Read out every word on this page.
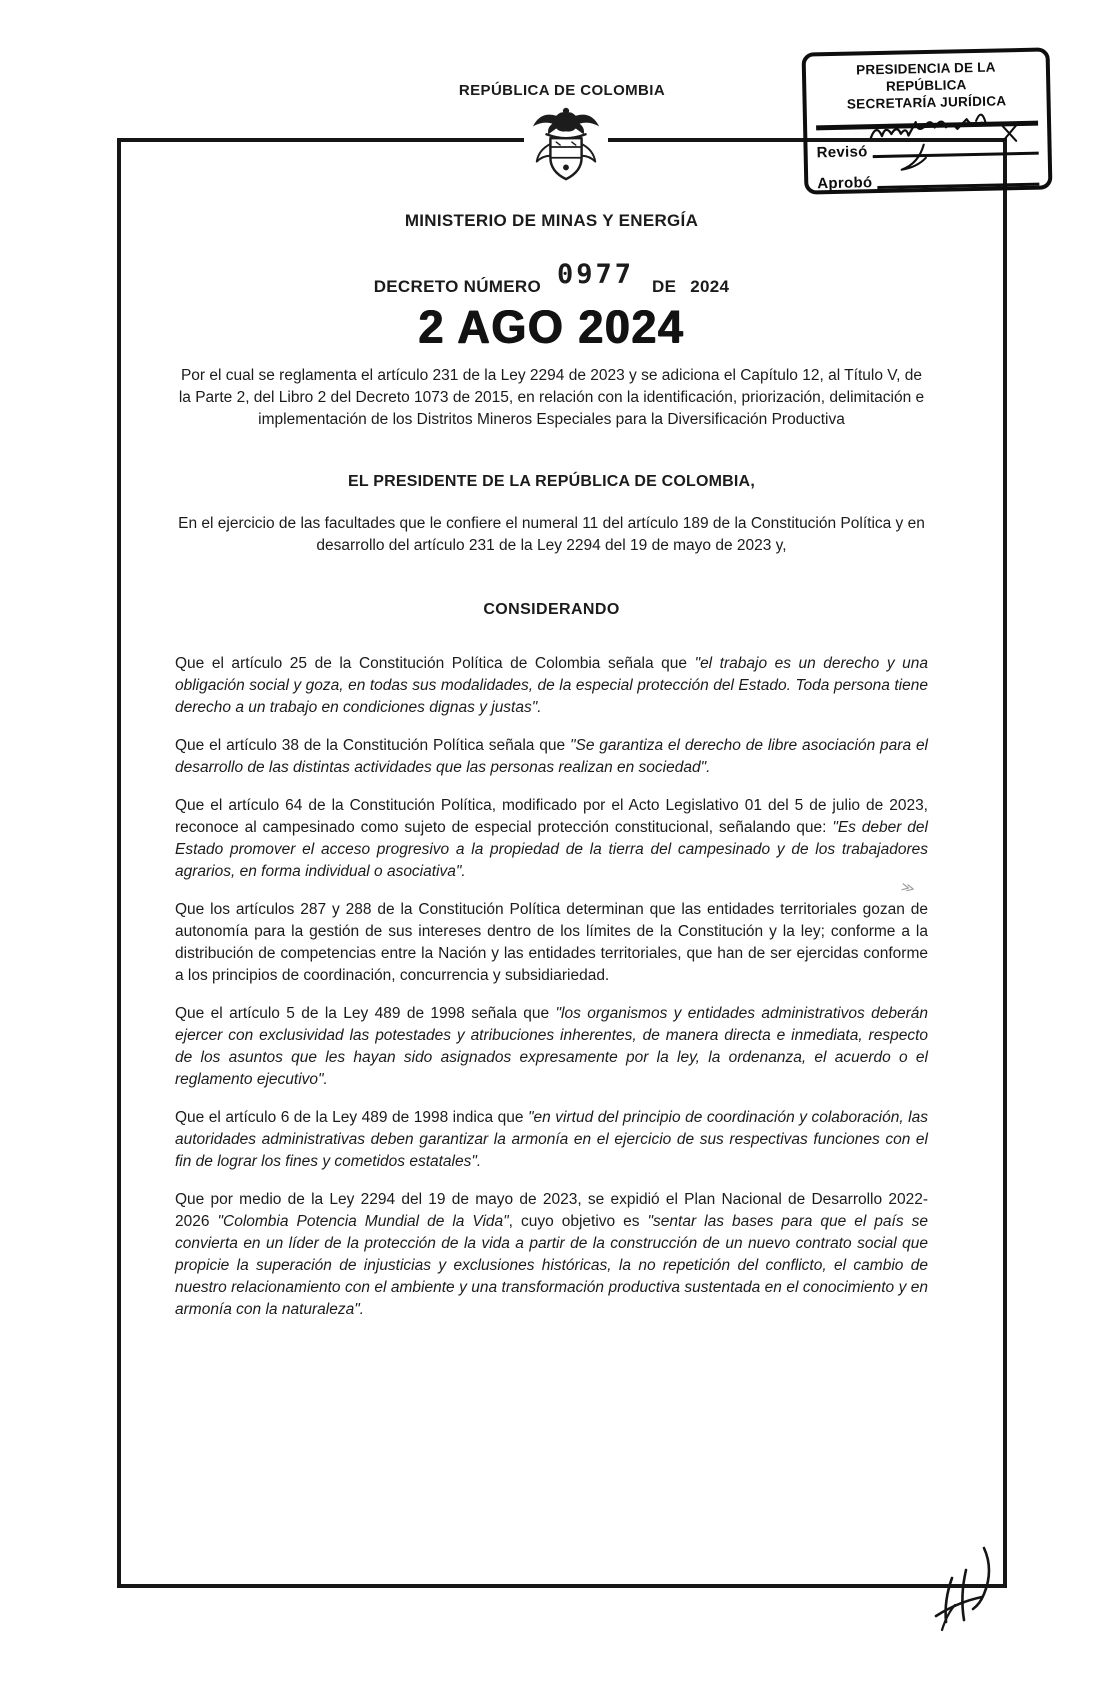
REPÚBLICA DE COLOMBIA
PRESIDENCIA DE LA REPÚBLICA
SECRETARÍA JURÍDICA
Revisó
Aprobó
MINISTERIO DE MINAS Y ENERGÍA
DECRETO NÚMERO 0977 DE 2024
2 AGO 2024
Por el cual se reglamenta el artículo 231 de la Ley 2294 de 2023 y se adiciona el Capítulo 12, al Título V, de la Parte 2, del Libro 2 del Decreto 1073 de 2015, en relación con la identificación, priorización, delimitación e implementación de los Distritos Mineros Especiales para la Diversificación Productiva
EL PRESIDENTE DE LA REPÚBLICA DE COLOMBIA,
En el ejercicio de las facultades que le confiere el numeral 11 del artículo 189 de la Constitución Política y en desarrollo del artículo 231 de la Ley 2294 del 19 de mayo de 2023 y,
CONSIDERANDO

Que el artículo 25 de la Constitución Política de Colombia señala que "el trabajo es un derecho y una obligación social y goza, en todas sus modalidades, de la especial protección del Estado. Toda persona tiene derecho a un trabajo en condiciones dignas y justas".

Que el artículo 38 de la Constitución Política señala que "Se garantiza el derecho de libre asociación para el desarrollo de las distintas actividades que las personas realizan en sociedad".

Que el artículo 64 de la Constitución Política, modificado por el Acto Legislativo 01 del 5 de julio de 2023, reconoce al campesinado como sujeto de especial protección constitucional, señalando que: "Es deber del Estado promover el acceso progresivo a la propiedad de la tierra del campesinado y de los trabajadores agrarios, en forma individual o asociativa".

Que los artículos 287 y 288 de la Constitución Política determinan que las entidades territoriales gozan de autonomía para la gestión de sus intereses dentro de los límites de la Constitución y la ley; conforme a la distribución de competencias entre la Nación y las entidades territoriales, que han de ser ejercidas conforme a los principios de coordinación, concurrencia y subsidiariedad.

Que el artículo 5 de la Ley 489 de 1998 señala que "los organismos y entidades administrativos deberán ejercer con exclusividad las potestades y atribuciones inherentes, de manera directa e inmediata, respecto de los asuntos que les hayan sido asignados expresamente por la ley, la ordenanza, el acuerdo o el reglamento ejecutivo".

Que el artículo 6 de la Ley 489 de 1998 indica que "en virtud del principio de coordinación y colaboración, las autoridades administrativas deben garantizar la armonía en el ejercicio de sus respectivas funciones con el fin de lograr los fines y cometidos estatales".

Que por medio de la Ley 2294 del 19 de mayo de 2023, se expidió el Plan Nacional de Desarrollo 2022- 2026 "Colombia Potencia Mundial de la Vida", cuyo objetivo es "sentar las bases para que el país se convierta en un líder de la protección de la vida a partir de la construcción de un nuevo contrato social que propicie la superación de injusticias y exclusiones históricas, la no repetición del conflicto, el cambio de nuestro relacionamiento con el ambiente y una transformación productiva sustentada en el conocimiento y en armonía con la naturaleza".

≫
